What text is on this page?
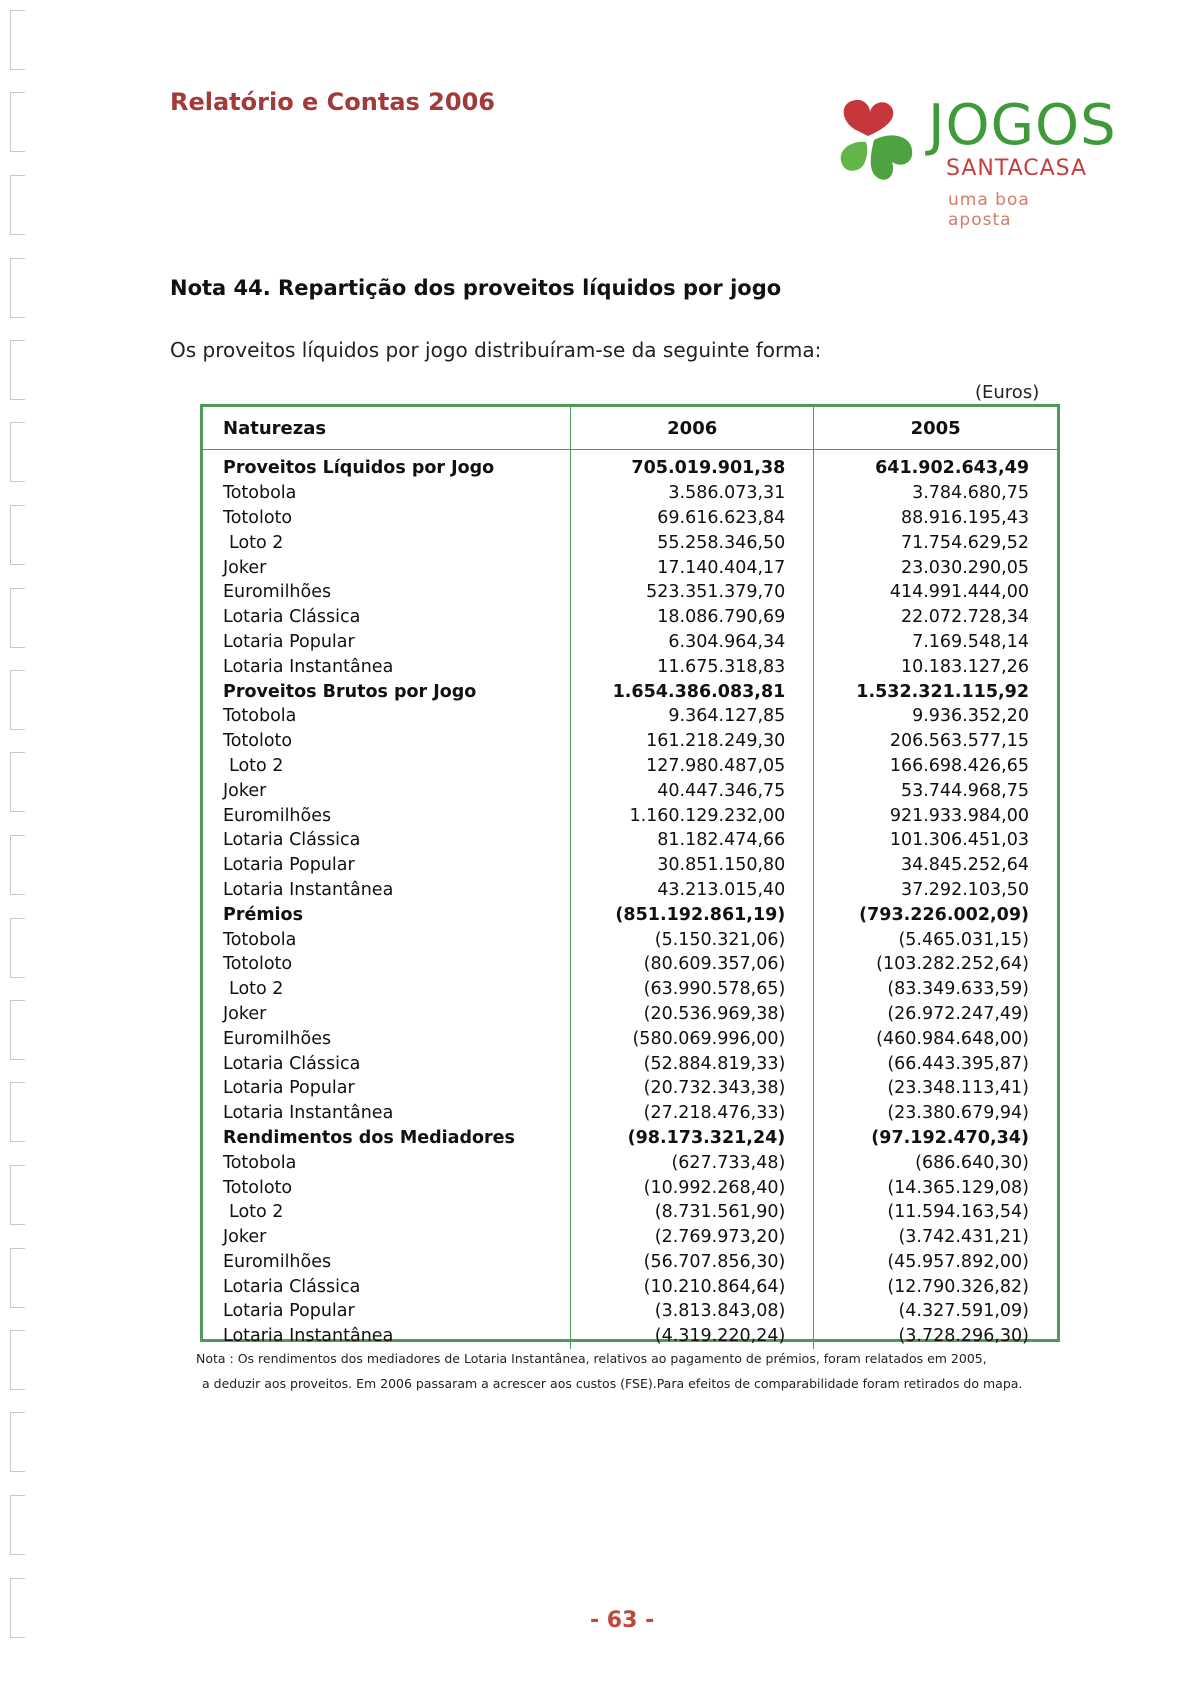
Relatório e Contas 2006	JOGOS
SANTACASA
uma boa aposta
Nota 44. Repartição dos proveitos líquidos por jogo
Os proveitos líquidos por jogo distribuíram-se da seguinte forma:
(Euros)
Naturezas	2006	2005
Proveitos Líquidos por Jogo	705.019.901,38	641.902.643,49
Totobola	3.586.073,31	3.784.680,75
Totoloto	69.616.623,84	88.916.195,43
Loto 2	55.258.346,50	71.754.629,52
Joker	17.140.404,17	23.030.290,05
Euromilhões	523.351.379,70	414.991.444,00
Lotaria Clássica	18.086.790,69	22.072.728,34
Lotaria Popular	6.304.964,34	7.169.548,14
Lotaria Instantânea	11.675.318,83	10.183.127,26
Proveitos Brutos por Jogo	1.654.386.083,81	1.532.321.115,92
Totobola	9.364.127,85	9.936.352,20
Totoloto	161.218.249,30	206.563.577,15
Loto 2	127.980.487,05	166.698.426,65
Joker	40.447.346,75	53.744.968,75
Euromilhões	1.160.129.232,00	921.933.984,00
Lotaria Clássica	81.182.474,66	101.306.451,03
Lotaria Popular	30.851.150,80	34.845.252,64
Lotaria Instantânea	43.213.015,40	37.292.103,50
Prémios	(851.192.861,19)	(793.226.002,09)
Totobola	(5.150.321,06)	(5.465.031,15)
Totoloto	(80.609.357,06)	(103.282.252,64)
Loto 2	(63.990.578,65)	(83.349.633,59)
Joker	(20.536.969,38)	(26.972.247,49)
Euromilhões	(580.069.996,00)	(460.984.648,00)
Lotaria Clássica	(52.884.819,33)	(66.443.395,87)
Lotaria Popular	(20.732.343,38)	(23.348.113,41)
Lotaria Instantânea	(27.218.476,33)	(23.380.679,94)
Rendimentos dos Mediadores	(98.173.321,24)	(97.192.470,34)
Totobola	(627.733,48)	(686.640,30)
Totoloto	(10.992.268,40)	(14.365.129,08)
Loto 2	(8.731.561,90)	(11.594.163,54)
Joker	(2.769.973,20)	(3.742.431,21)
Euromilhões	(56.707.856,30)	(45.957.892,00)
Lotaria Clássica	(10.210.864,64)	(12.790.326,82)
Lotaria Popular	(3.813.843,08)	(4.327.591,09)
Lotaria Instantânea	(4.319.220,24)	(3.728.296,30)
Nota : Os rendimentos dos mediadores de Lotaria Instantânea, relativos ao pagamento de prémios, foram relatados em 2005,
a deduzir aos proveitos. Em 2006 passaram a acrescer aos custos (FSE).Para efeitos de comparabilidade foram retirados do mapa.
- 63 -
